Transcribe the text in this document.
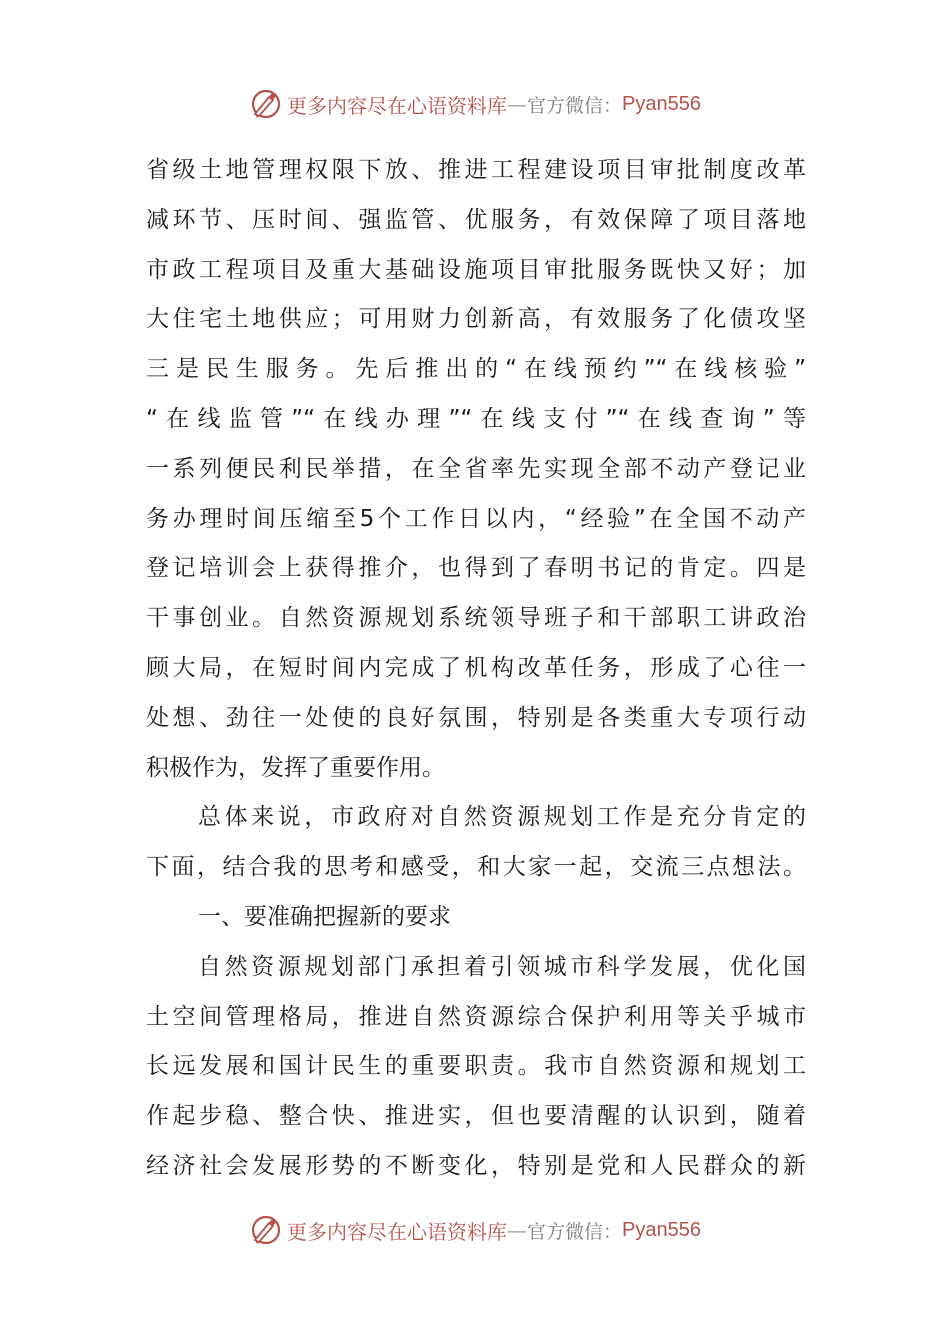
更多内容尽在心语资料库 — 官方微信： Pyan556
省级土地管理权限下放、推进工程建设项目审批制度改革
减环节、压时间、强监管、优服务，有效保障了项目落地
市政工程项目及重大基础设施项目审批服务既快又好；加
大住宅土地供应；可用财力创新高，有效服务了化债攻坚
三是民生服务。先后推出的“在线预约”“在线核验”
“在线监管”“在线办理”“在线支付”“在线查询”等
一系列便民利民举措，在全省率先实现全部不动产登记业
务办理时间压缩至5个工作日以内，“经验”在全国不动产
登记培训会上获得推介，也得到了春明书记的肯定。四是
干事创业。自然资源规划系统领导班子和干部职工讲政治
顾大局，在短时间内完成了机构改革任务，形成了心往一
处想、劲往一处使的良好氛围，特别是各类重大专项行动
积极作为，发挥了重要作用。
总体来说，市政府对自然资源规划工作是充分肯定的
下面，结合我的思考和感受，和大家一起，交流三点想法。
一、要准确把握新的要求
自然资源规划部门承担着引领城市科学发展，优化国
土空间管理格局，推进自然资源综合保护利用等关乎城市
长远发展和国计民生的重要职责。我市自然资源和规划工
作起步稳、整合快、推进实，但也要清醒的认识到，随着
经济社会发展形势的不断变化，特别是党和人民群众的新
更多内容尽在心语资料库 — 官方微信： Pyan556
